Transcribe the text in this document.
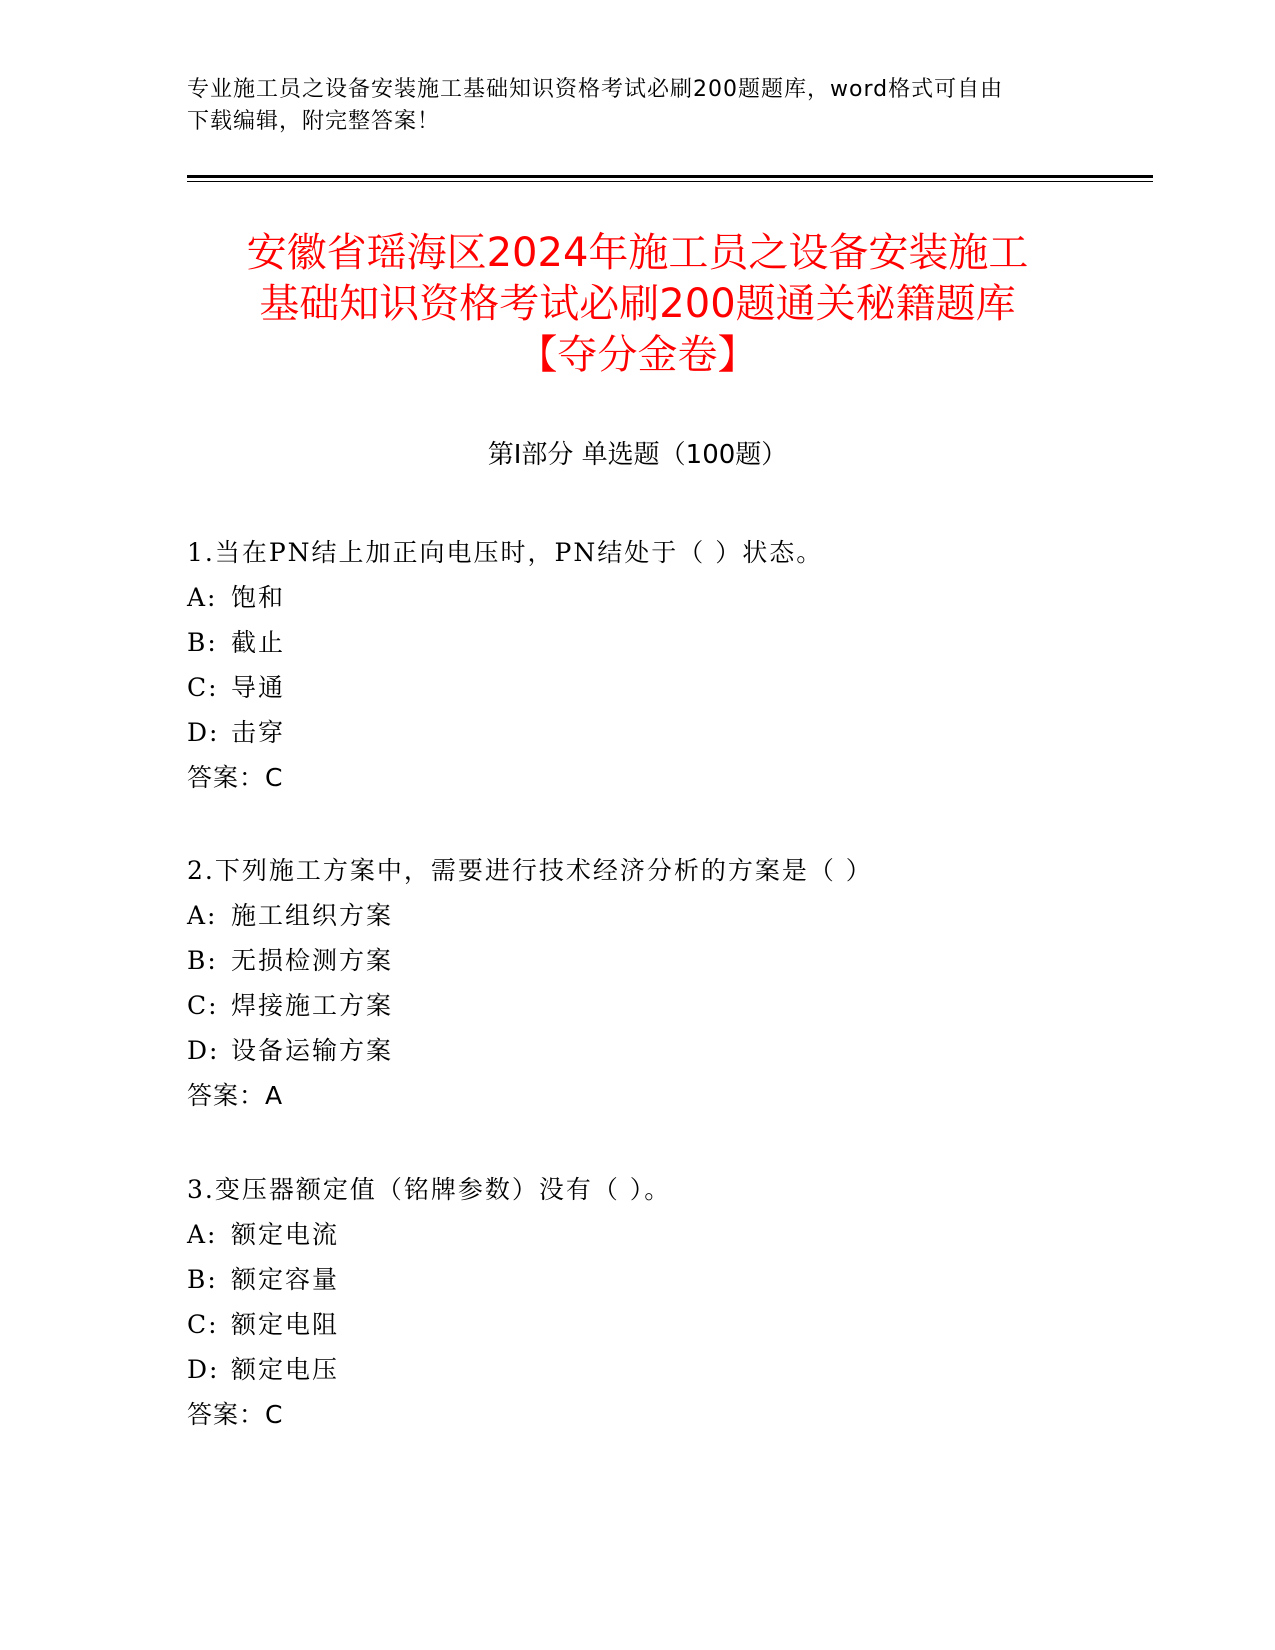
专业施工员之设备安装施工基础知识资格考试必刷200题题库，word格式可自由
下载编辑，附完整答案！
安徽省瑶海区2024年施工员之设备安装施工
基础知识资格考试必刷200题通关秘籍题库
【夺分金卷】
第Ⅰ部分 单选题（100题）
1.当在PN结上加正向电压时，PN结处于（ ）状态。
A: 饱和
B: 截止
C: 导通
D: 击穿
答案：C
2.下列施工方案中，需要进行技术经济分析的方案是（ ）
A: 施工组织方案
B: 无损检测方案
C: 焊接施工方案
D: 设备运输方案
答案：A
3.变压器额定值（铭牌参数）没有（ ）。
A: 额定电流
B: 额定容量
C: 额定电阻
D: 额定电压
答案：C
